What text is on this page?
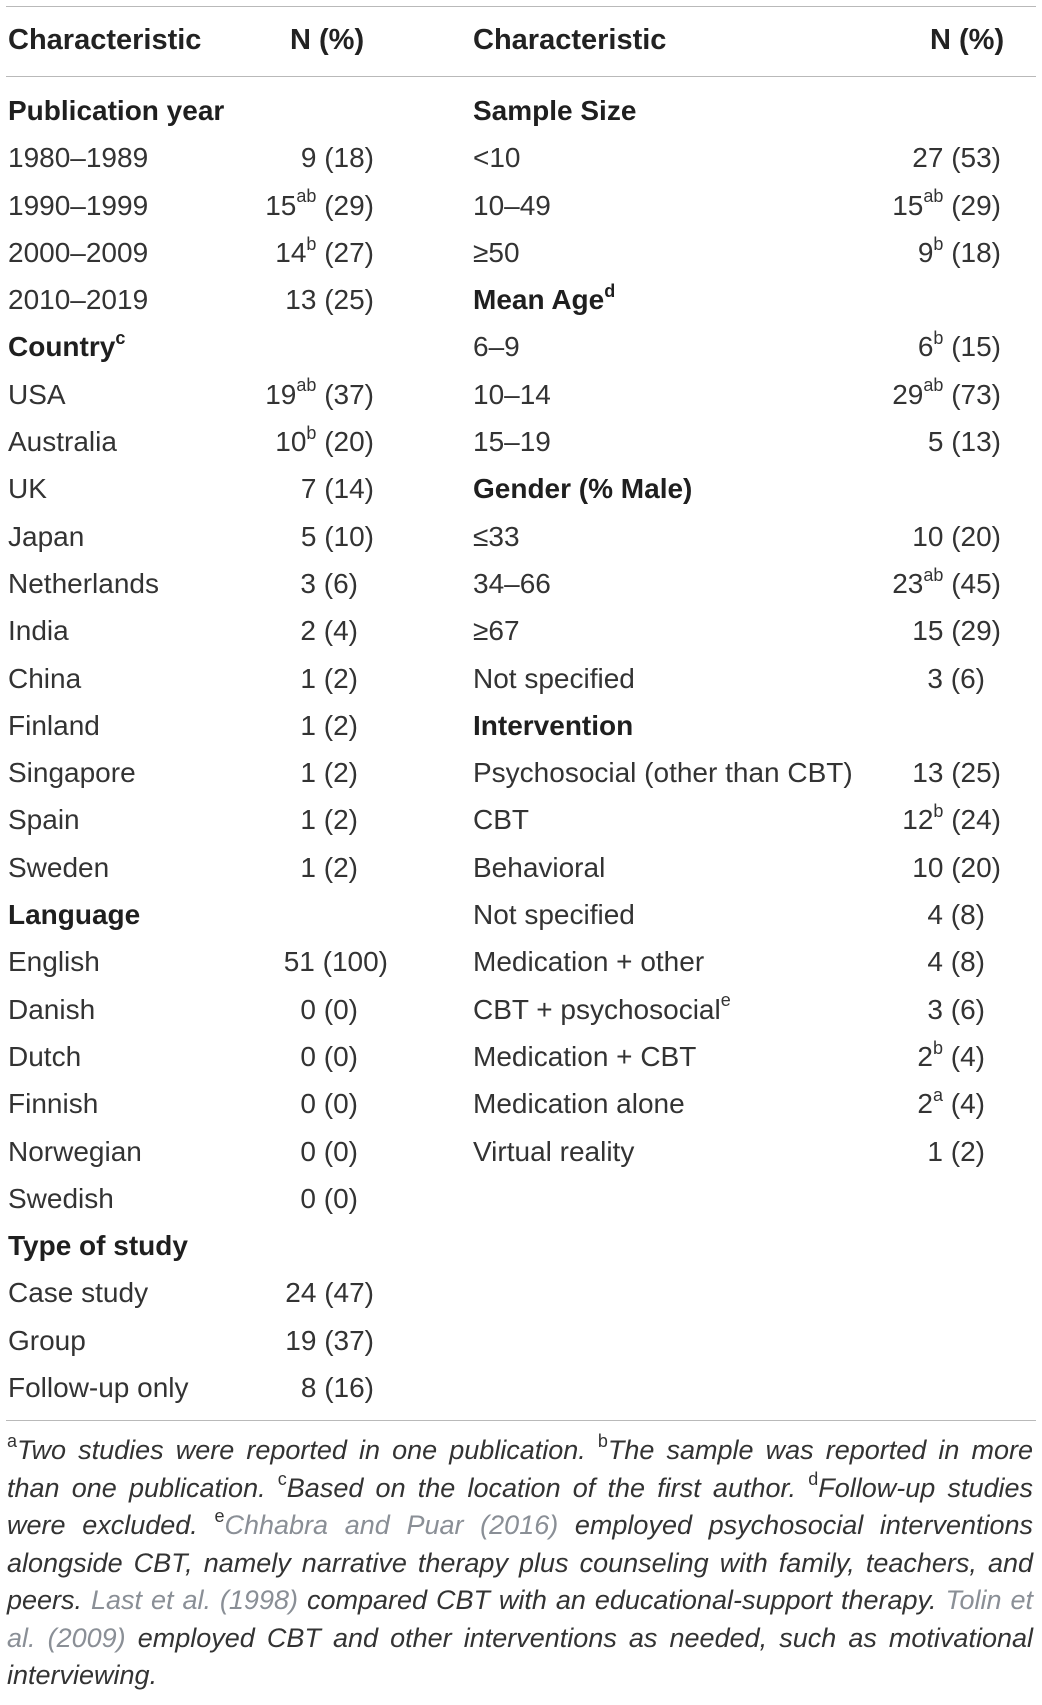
Characteristic	N (%)	Characteristic	N (%)
Publication year
1980–1989	9 (18)
1990–1999	$15^{ab}$ (29)
2000–2009	14$^b$ (27)
2010–2019	13 (25)
Country$^c$
USA	$19^{ab}$ (37)
Australia	10$^b$ (20)
UK	7 (14)
Japan	5 (10)
Netherlands	3 (6)
India	2 (4)
China	1 (2)
Finland	1 (2)
Singapore	1 (2)
Spain	1 (2)
Sweden	1 (2)
Language
English	51 (100)
Danish	0 (0)
Dutch	0 (0)
Finnish	0 (0)
Norwegian	0 (0)
Swedish	0 (0)
Type of study
Case study	24 (47)
Group	19 (37)
Follow-up only	8 (16)
Sample Size
<10	27 (53)
10–49	$15^{ab}$ (29)
≥50	9$^b$ (18)
Mean Age$^d$
6–9	6$^b$ (15)
10–14	$29^{ab}$ (73)
15–19	5 (13)
Gender (% Male)
≤33	10 (20)
34–66	$23^{ab}$ (45)
≥67	15 (29)
Not specified	3 (6)
Intervention
Psychosocial (other than CBT) 13 (25)
CBT	12$^b$ (24)
Behavioral	10 (20)
Not specified	4 (8)
Medication + other	4 (8)
CBT + psychosocial$^e$	3 (6)
Medication + CBT	2$^b$ (4)
Medication alone	2$^a$ (4)
Virtual reality	1 (2)
$^a$Two studies were reported in one publication. $^b$The sample was reported in more than one publication. $^c$Based on the location of the first author. $^d$Follow-up studies were excluded. $^e$Chhabra and Puar (2016) employed psychosocial interventions alongside CBT, namely narrative therapy plus counseling with family, teachers, and peers. Last et al. (1998) compared CBT with an educational-support therapy. Tolin et al. (2009) employed CBT and other interventions as needed, such as motivational interviewing.
